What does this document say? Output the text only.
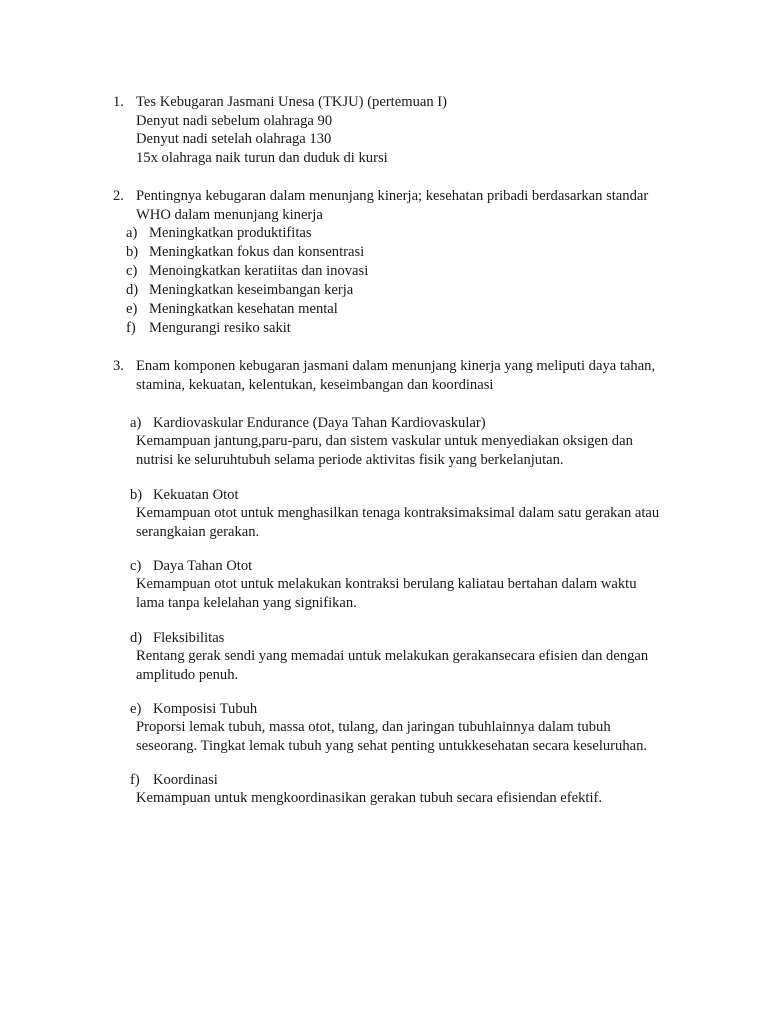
1. Tes Kebugaran Jasmani Unesa (TKJU) (pertemuan I)
Denyut nadi sebelum olahraga 90
Denyut nadi setelah olahraga 130
15x olahraga naik turun dan duduk di kursi
2. Pentingnya kebugaran dalam menunjang kinerja; kesehatan pribadi berdasarkan standar
WHO dalam menunjang kinerja
a) Meningkatkan produktifitas
b) Meningkatkan fokus dan konsentrasi
c) Menoingkatkan keratiitas dan inovasi
d) Meningkatkan keseimbangan kerja
e) Meningkatkan kesehatan mental
f) Mengurangi resiko sakit
3. Enam komponen kebugaran jasmani dalam menunjang kinerja yang meliputi daya tahan,
stamina, kekuatan, kelentukan, keseimbangan dan koordinasi
a) Kardiovaskular Endurance (Daya Tahan Kardiovaskular)
Kemampuan jantung,paru-paru, dan sistem vaskular untuk menyediakan oksigen dan
nutrisi ke seluruhtubuh selama periode aktivitas fisik yang berkelanjutan.
b) Kekuatan Otot
Kemampuan otot untuk menghasilkan tenaga kontraksimaksimal dalam satu gerakan atau
serangkaian gerakan.
c) Daya Tahan Otot
Kemampuan otot untuk melakukan kontraksi berulang kaliatau bertahan dalam waktu
lama tanpa kelelahan yang signifikan.
d) Fleksibilitas
Rentang gerak sendi yang memadai untuk melakukan gerakansecara efisien dan dengan
amplitudo penuh.
e) Komposisi Tubuh
Proporsi lemak tubuh, massa otot, tulang, dan jaringan tubuhlainnya dalam tubuh
seseorang. Tingkat lemak tubuh yang sehat penting untukkesehatan secara keseluruhan.
f) Koordinasi
Kemampuan untuk mengkoordinasikan gerakan tubuh secara efisiendan efektif.
